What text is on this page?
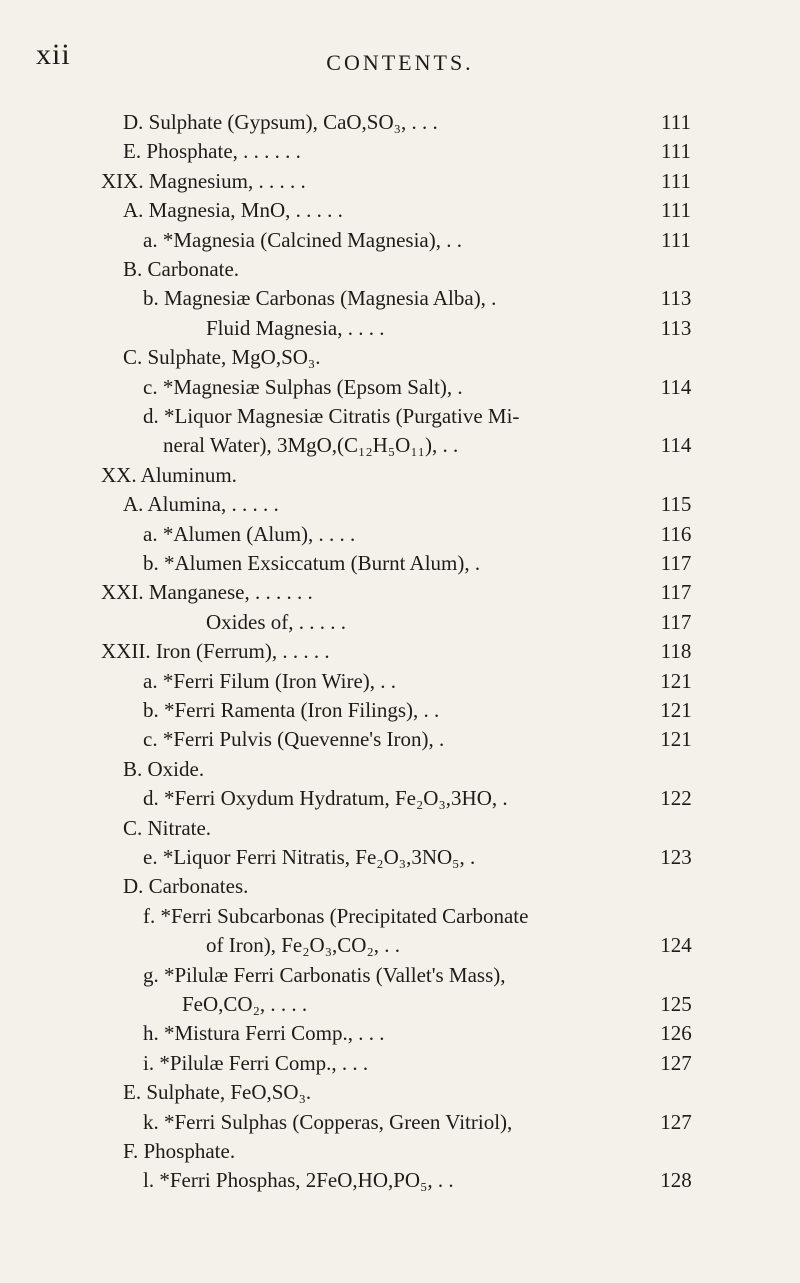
xii	CONTENTS.
D. Sulphate (Gypsum), CaO,SO₃, . . .	111
E. Phosphate, . . . . . .	111
XIX. Magnesium, . . . . .	111
A. Magnesia, MnO, . . . . .	111
a. *Magnesia (Calcined Magnesia), . .	111
B. Carbonate.
b. Magnesiæ Carbonas (Magnesia Alba), .	113
Fluid Magnesia, . . . .	113
C. Sulphate, MgO,SO₃.
c. *Magnesiæ Sulphas (Epsom Salt), .	114
d. *Liquor Magnesiæ Citratis (Purgative Mi-
neral Water), 3MgO,(C₁₂H₅O₁₁), . .	114
XX. Aluminum.
A. Alumina, . . . . .	115
a. *Alumen (Alum), . . . .	116
b. *Alumen Exsiccatum (Burnt Alum), .	117
XXI. Manganese, . . . . . .	117
Oxides of, . . . . .	117
XXII. Iron (Ferrum), . . . . .	118
a. *Ferri Filum (Iron Wire), . .	121
b. *Ferri Ramenta (Iron Filings), . .	121
c. *Ferri Pulvis (Quevenne's Iron), .	121
B. Oxide.
d. *Ferri Oxydum Hydratum, Fe₂O₃,3HO, .	122
C. Nitrate.
e. *Liquor Ferri Nitratis, Fe₂O₃,3NO₅, .	123
D. Carbonates.
f. *Ferri Subcarbonas (Precipitated Carbonate
of Iron), Fe₂O₃,CO₂, . .	124
g. *Pilulæ Ferri Carbonatis (Vallet's Mass),
FeO,CO₂, . . . .	125
h. *Mistura Ferri Comp., . . .	126
i. *Pilulæ Ferri Comp., . . .	127
E. Sulphate, FeO,SO₃.
k. *Ferri Sulphas (Copperas, Green Vitriol),	127
F. Phosphate.
l. *Ferri Phosphas, 2FeO,HO,PO₅, . .	128
